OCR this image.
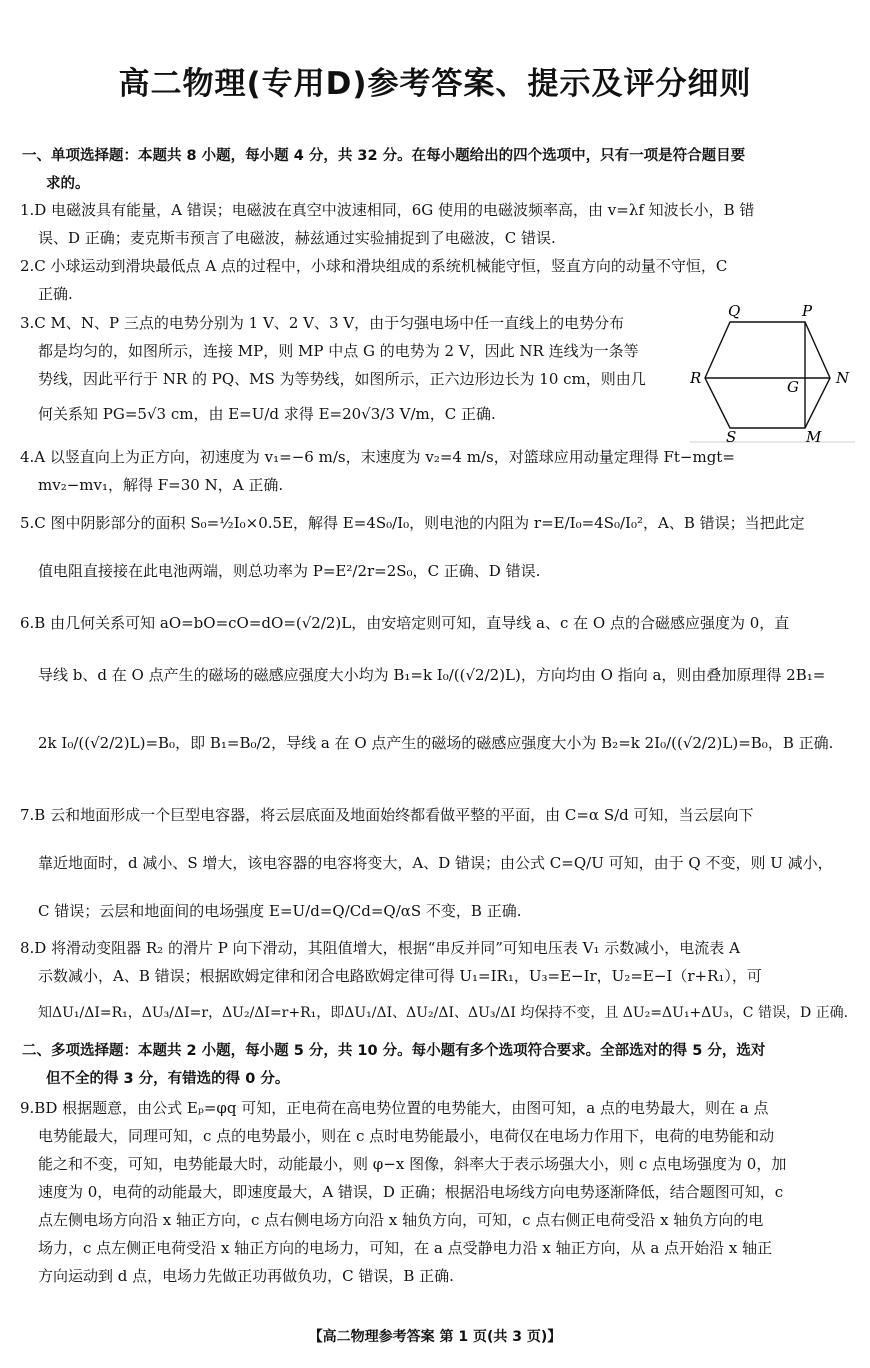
高二物理(专用D)参考答案、提示及评分细则
一、单项选择题：本题共 8 小题，每小题 4 分，共 32 分。在每小题给出的四个选项中，只有一项是符合题目要
求的。
1.D 电磁波具有能量，A 错误；电磁波在真空中波速相同，6G 使用的电磁波频率高，由 v=λf 知波长小，B 错
误、D 正确；麦克斯韦预言了电磁波，赫兹通过实验捕捉到了电磁波，C 错误.
2.C 小球运动到滑块最低点 A 点的过程中，小球和滑块组成的系统机械能守恒，竖直方向的动量不守恒，C
正确.
3.C M、N、P 三点的电势分别为 1 V、2 V、3 V，由于匀强电场中任一直线上的电势分布
都是均匀的，如图所示，连接 MP，则 MP 中点 G 的电势为 2 V，因此 NR 连线为一条等
势线，因此平行于 NR 的 PQ、MS 为等势线，如图所示，正六边形边长为 10 cm，则由几
何关系知 PG=5√3 cm，由 E=U/d 求得 E=20√3/3 V/m，C 正确.
Q	P
R	G N
S	M
4.A 以竖直向上为正方向，初速度为 v₁=−6 m/s，末速度为 v₂=4 m/s，对篮球应用动量定理得 Ft−mgt=
mv₂−mv₁，解得 F=30 N，A 正确.
5.C 图中阴影部分的面积 S₀=½I₀×0.5E，解得 E=4S₀/I₀，则电池的内阻为 r=E/I₀=4S₀/I₀²，A、B 错误；当把此定
值电阻直接接在此电池两端，则总功率为 P=E²/2r=2S₀，C 正确、D 错误.
6.B 由几何关系可知 aO=bO=cO=dO=(√2/2)L，由安培定则可知，直导线 a、c 在 O 点的合磁感应强度为 0，直
导线 b、d 在 O 点产生的磁场的磁感应强度大小均为 B₁=k I₀/((√2/2)L)，方向均由 O 指向 a，则由叠加原理得 2B₁=
2k I₀/((√2/2)L)=B₀，即 B₁=B₀/2，导线 a 在 O 点产生的磁场的磁感应强度大小为 B₂=k 2I₀/((√2/2)L)=B₀，B 正确.
7.B 云和地面形成一个巨型电容器，将云层底面及地面始终都看做平整的平面，由 C=α S/d 可知，当云层向下
靠近地面时，d 减小、S 增大，该电容器的电容将变大，A、D 错误；由公式 C=Q/U 可知，由于 Q 不变，则 U 减小，
C 错误；云层和地面间的电场强度 E=U/d=Q/Cd=Q/αS 不变，B 正确.
8.D 将滑动变阻器 R₂ 的滑片 P 向下滑动，其阻值增大，根据“串反并同”可知电压表 V₁ 示数减小，电流表 A
示数减小，A、B 错误；根据欧姆定律和闭合电路欧姆定律可得 U₁=IR₁，U₃=E−Ir，U₂=E−I（r+R₁），可
知ΔU₁/ΔI=R₁，ΔU₃/ΔI=r，ΔU₂/ΔI=r+R₁，即ΔU₁/ΔI、ΔU₂/ΔI、ΔU₃/ΔI 均保持不变，且 ΔU₂=ΔU₁+ΔU₃，C 错误，D 正确.
二、多项选择题：本题共 2 小题，每小题 5 分，共 10 分。每小题有多个选项符合要求。全部选对的得 5 分，选对
但不全的得 3 分，有错选的得 0 分。
9.BD 根据题意，由公式 Eₚ=φq 可知，正电荷在高电势位置的电势能大，由图可知，a 点的电势最大，则在 a 点
电势能最大，同理可知，c 点的电势最小，则在 c 点时电势能最小，电荷仅在电场力作用下，电荷的电势能和动
能之和不变，可知，电势能最大时，动能最小，则 φ−x 图像，斜率大于表示场强大小，则 c 点电场强度为 0，加
速度为 0，电荷的动能最大，即速度最大，A 错误，D 正确；根据沿电场线方向电势逐渐降低，结合题图可知，c
点左侧电场方向沿 x 轴正方向，c 点右侧电场方向沿 x 轴负方向，可知，c 点右侧正电荷受沿 x 轴负方向的电
场力，c 点左侧正电荷受沿 x 轴正方向的电场力，可知，在 a 点受静电力沿 x 轴正方向，从 a 点开始沿 x 轴正
方向运动到 d 点，电场力先做正功再做负功，C 错误，B 正确.
【高二物理参考答案 第 1 页(共 3 页)】
